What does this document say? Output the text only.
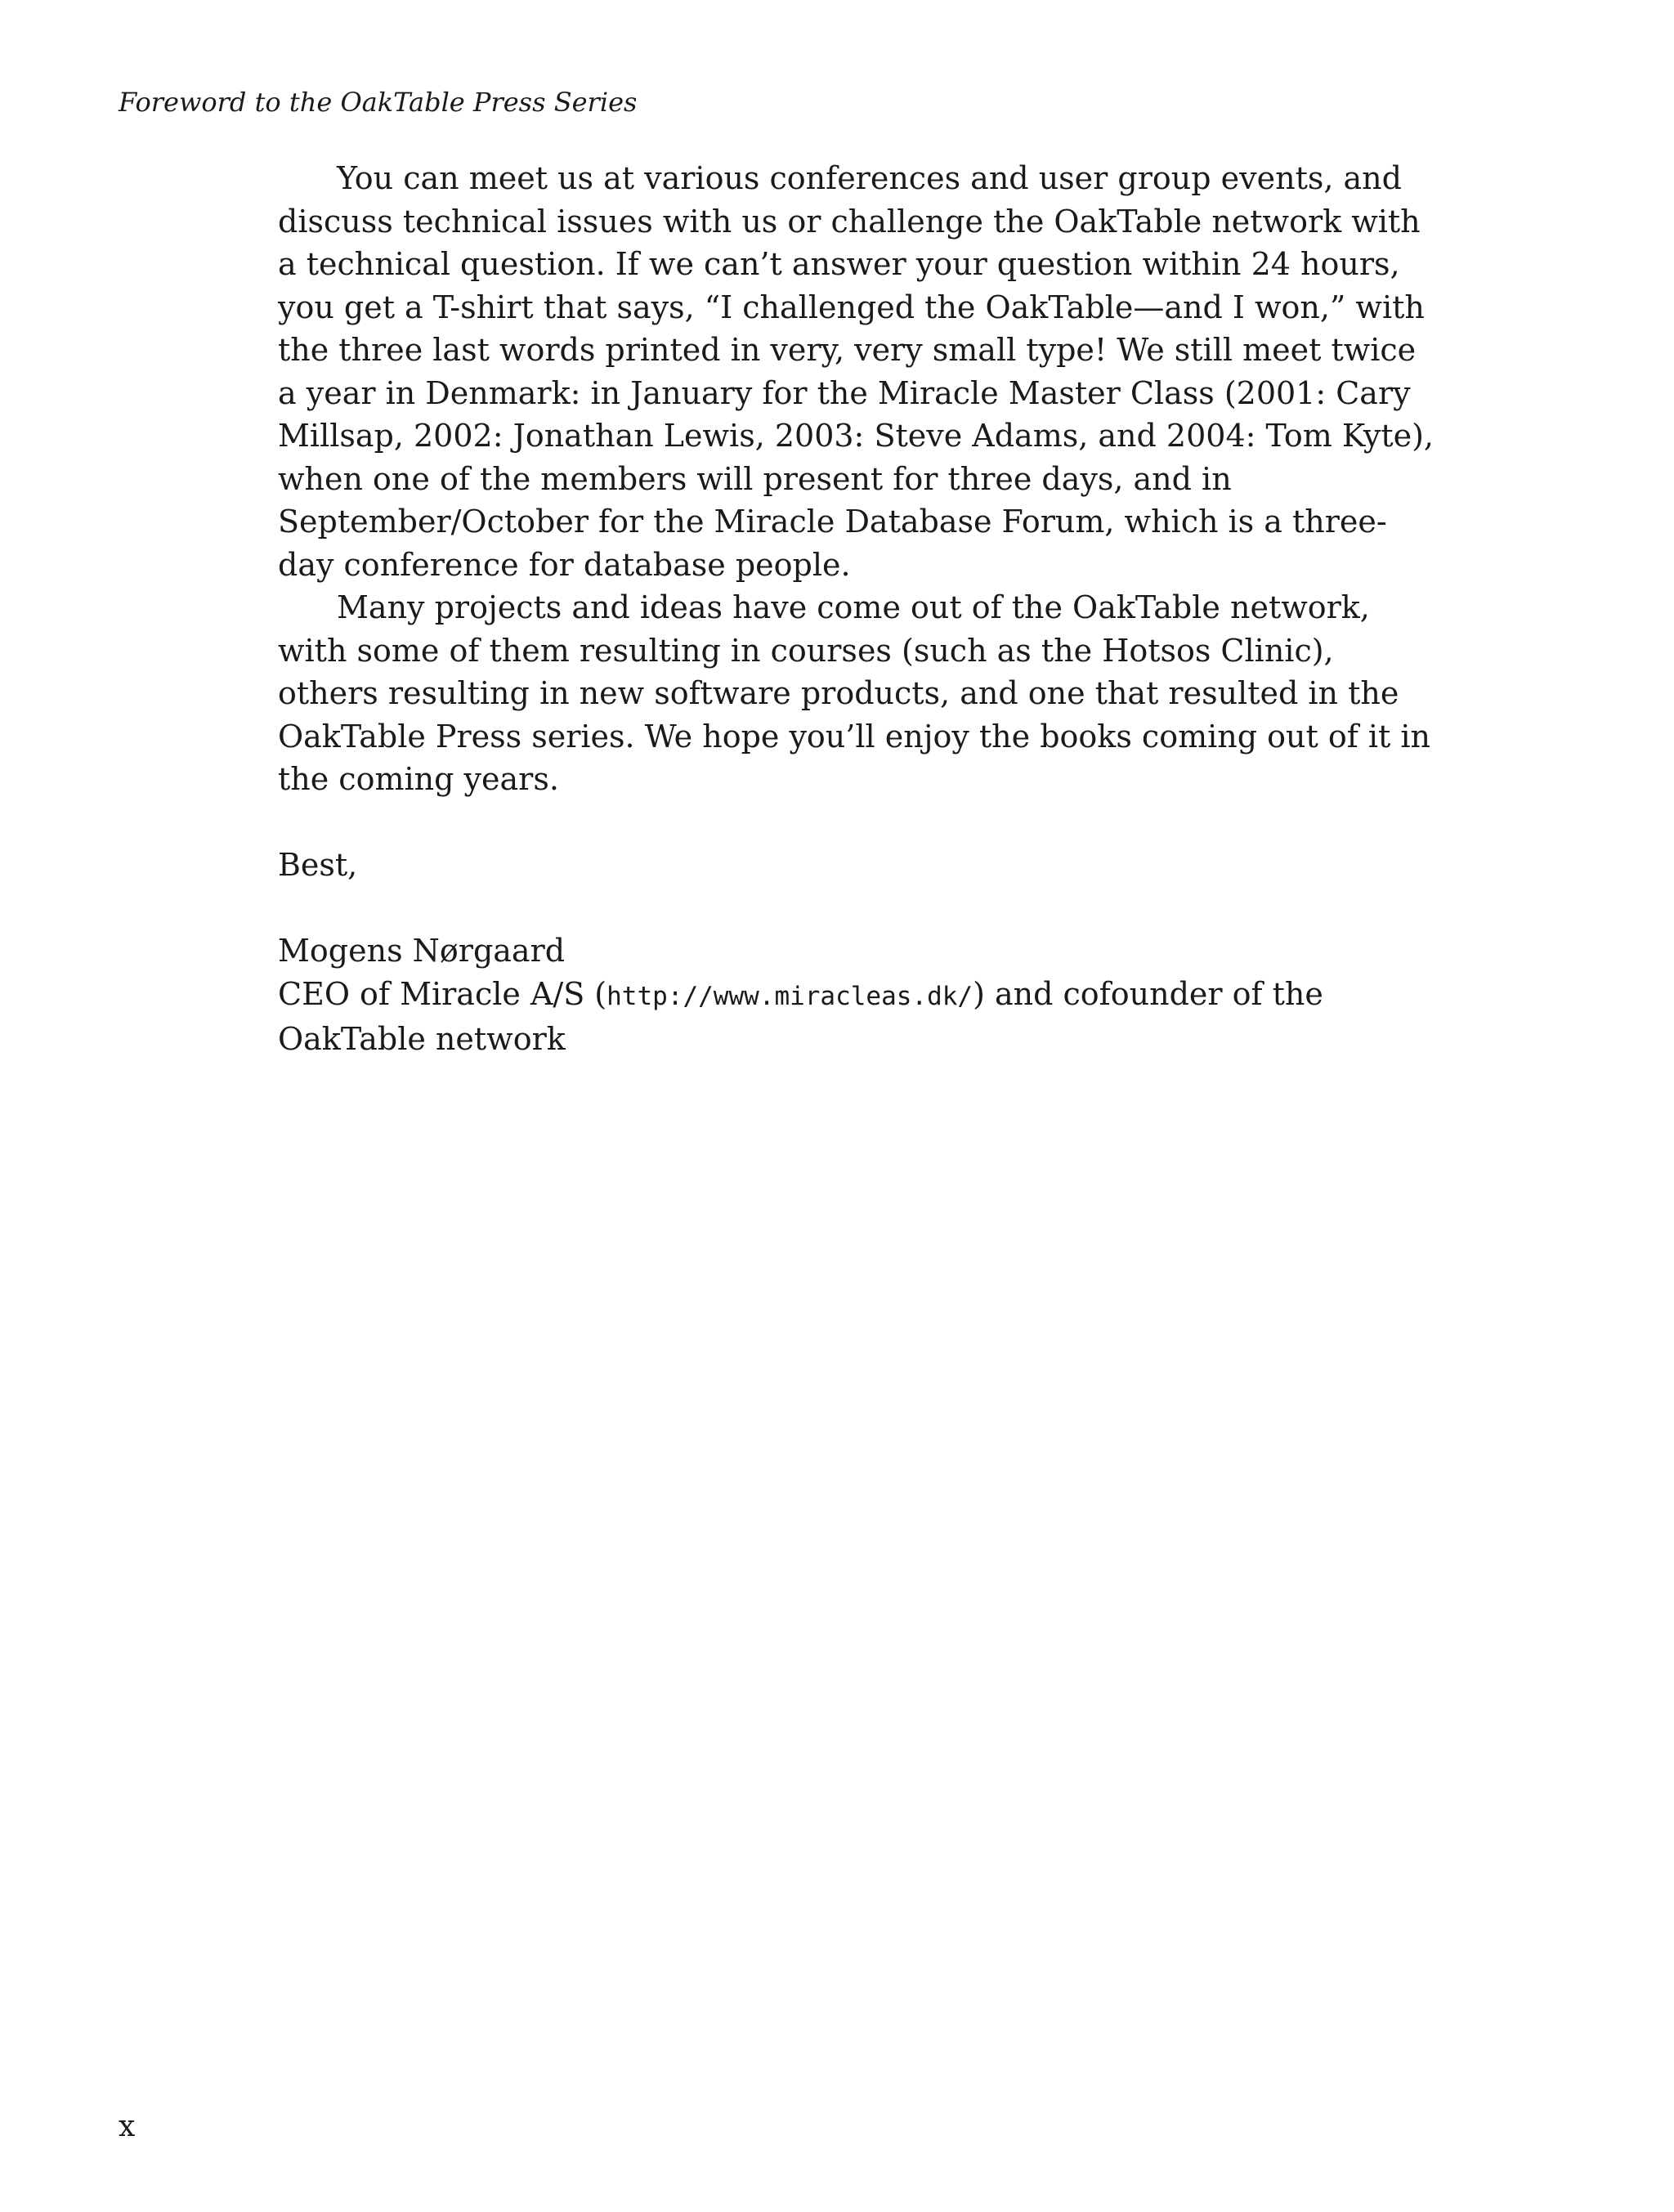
Foreword to the OakTable Press Series

You can meet us at various conferences and user group events, and discuss technical issues with us or challenge the OakTable network with a technical question. If we can’t answer your question within 24 hours, you get a T-shirt that says, “I challenged the OakTable—and I won,” with the three last words printed in very, very small type! We still meet twice a year in Denmark: in January for the Miracle Master Class (2001: Cary Millsap, 2002: Jonathan Lewis, 2003: Steve Adams, and 2004: Tom Kyte), when one of the members will present for three days, and in September/October for the Miracle Database Forum, which is a three-day conference for database people.

Many projects and ideas have come out of the OakTable network, with some of them resulting in courses (such as the Hotsos Clinic), others resulting in new software products, and one that resulted in the OakTable Press series. We hope you’ll enjoy the books coming out of it in the coming years.

Best,

Mogens Nørgaard

CEO of Miracle A/S (http://www.miracleas.dk/) and cofounder of the OakTable network

x
